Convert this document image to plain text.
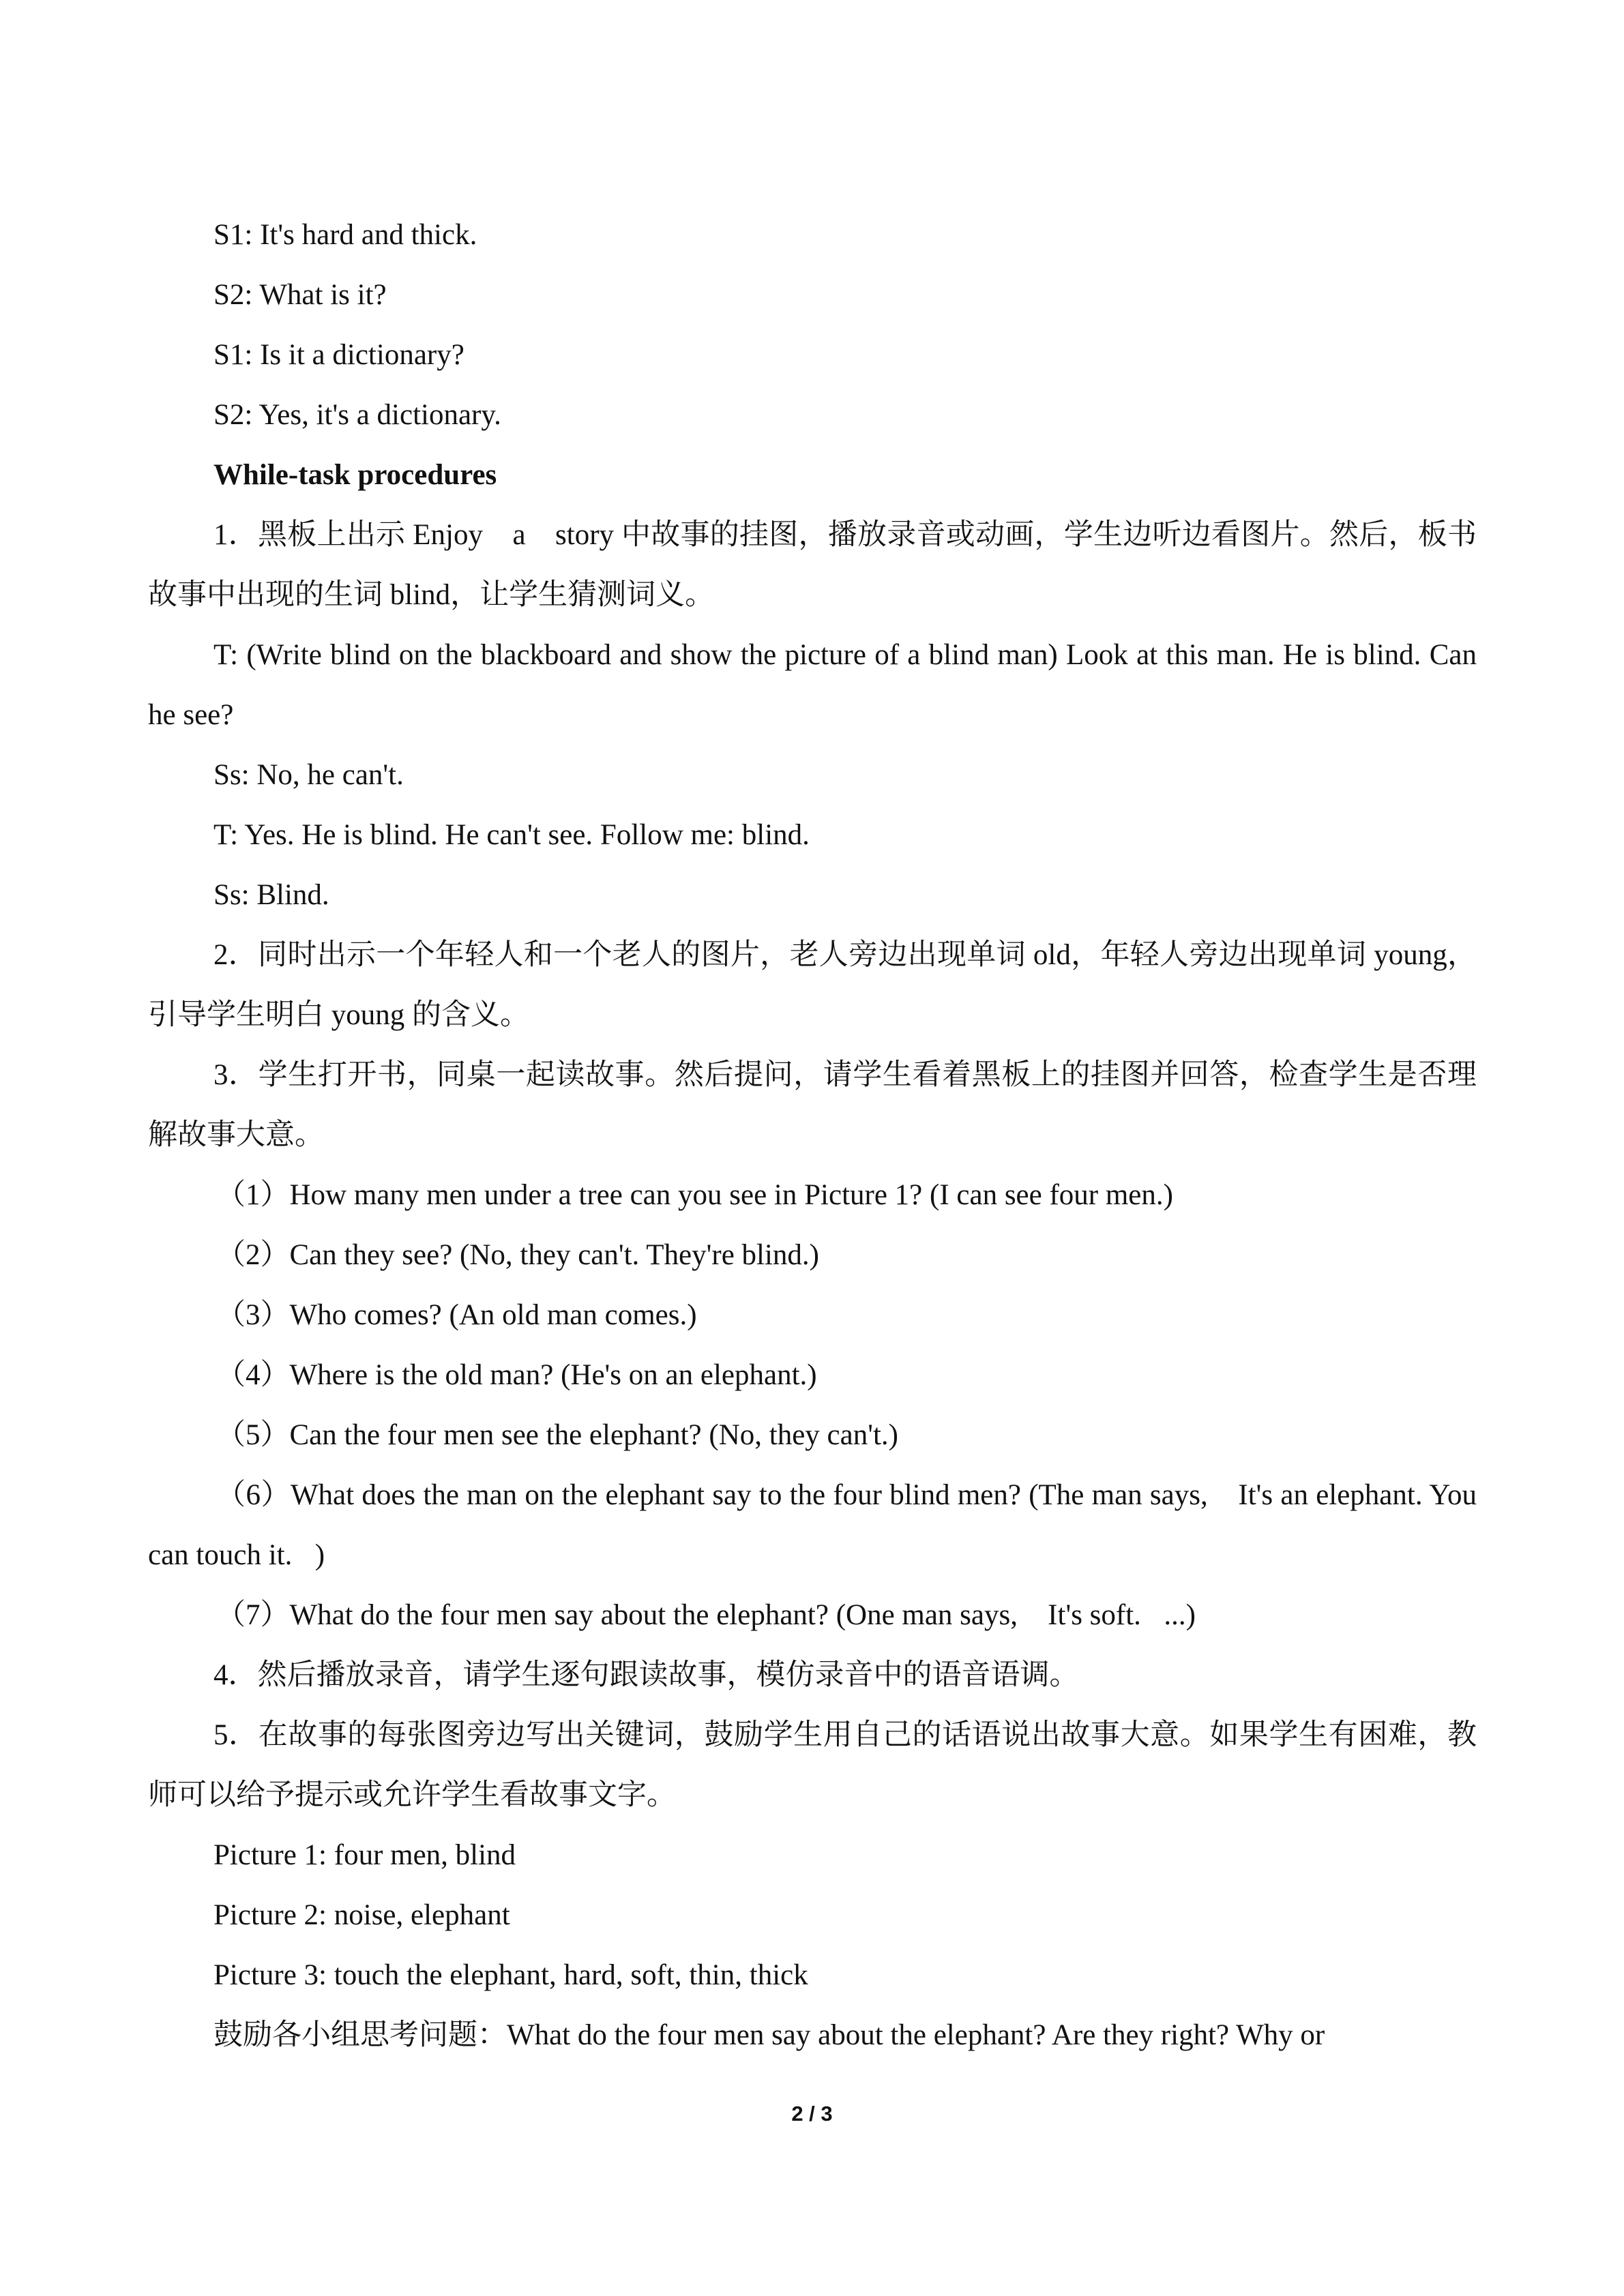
S1: It's hard and thick.

S2: What is it?

S1: Is it a dictionary?

S2: Yes, it's a dictionary.

While-task procedures

1．黑板上出示 Enjoy　a　story 中故事的挂图，播放录音或动画，学生边听边看图片。然后，板书故事中出现的生词 blind，让学生猜测词义。

T: (Write blind on the blackboard and show the picture of a blind man) Look at this man. He is blind. Can he see?

Ss: No, he can't.

T: Yes. He is blind. He can't see. Follow me: blind.

Ss: Blind.

2．同时出示一个年轻人和一个老人的图片，老人旁边出现单词 old，年轻人旁边出现单词 young，引导学生明白 young 的含义。

3．学生打开书，同桌一起读故事。然后提问，请学生看着黑板上的挂图并回答，检查学生是否理解故事大意。

（1）How many men under a tree can you see in Picture 1? (I can see four men.)

（2）Can they see? (No, they can't. They're blind.)

（3）Who comes? (An old man comes.)

（4）Where is the old man? (He's on an elephant.)

（5）Can the four men see the elephant? (No, they can't.)

（6）What does the man on the elephant say to the four blind men? (The man says,  It's an elephant. You can touch it. )

（7）What do the four men say about the elephant? (One man says,  It's soft. ...)

4．然后播放录音，请学生逐句跟读故事，模仿录音中的语音语调。

5．在故事的每张图旁边写出关键词，鼓励学生用自己的话语说出故事大意。如果学生有困难，教师可以给予提示或允许学生看故事文字。

Picture 1: four men, blind

Picture 2: noise, elephant

Picture 3: touch the elephant, hard, soft, thin, thick

鼓励各小组思考问题：What do the four men say about the elephant? Are they right? Why or

2 / 3
